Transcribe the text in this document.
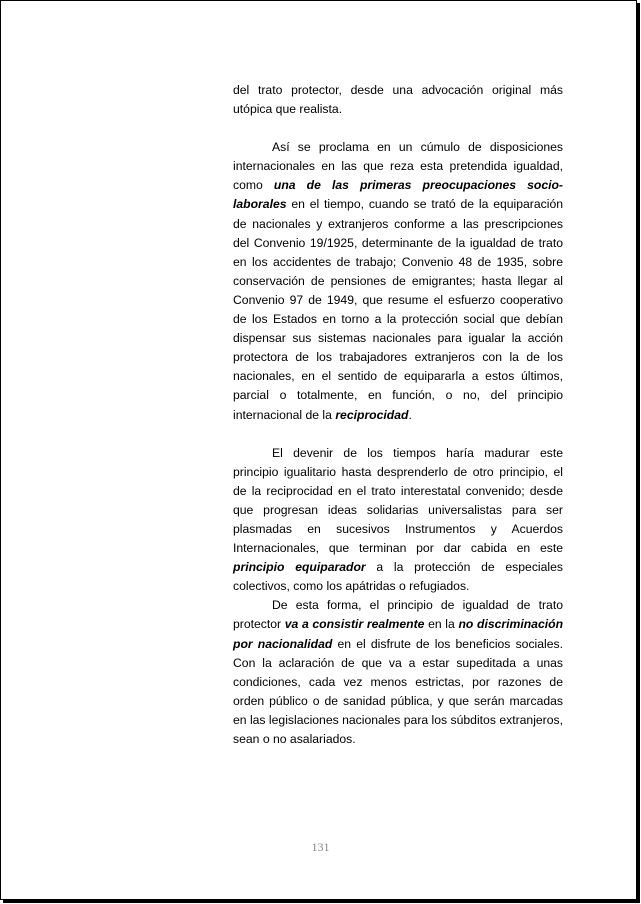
del trato protector, desde una advocación original más utópica que realista.

Así se proclama en un cúmulo de disposiciones internacionales en las que reza esta pretendida igualdad, como una de las primeras preocupaciones socio-laborales en el tiempo, cuando se trató de la equiparación de nacionales y extranjeros conforme a las prescripciones del Convenio 19/1925, determinante de la igualdad de trato en los accidentes de trabajo; Convenio 48 de 1935, sobre conservación de pensiones de emigrantes; hasta llegar al Convenio 97 de 1949, que resume el esfuerzo cooperativo de los Estados en torno a la protección social que debían dispensar sus sistemas nacionales para igualar la acción protectora de los trabajadores extranjeros con la de los nacionales, en el sentido de equipararla a estos últimos, parcial o totalmente, en función, o no, del principio internacional de la reciprocidad.

El devenir de los tiempos haría madurar este principio igualitario hasta desprenderlo de otro principio, el de la reciprocidad en el trato interestatal convenido; desde que progresan ideas solidarias universalistas para ser plasmadas en sucesivos Instrumentos y Acuerdos Internacionales, que terminan por dar cabida en este principio equiparador a la protección de especiales colectivos, como los apátridas o refugiados.

De esta forma, el principio de igualdad de trato protector va a consistir realmente en la no discriminación por nacionalidad en el disfrute de los beneficios sociales. Con la aclaración de que va a estar supeditada a unas condiciones, cada vez menos estrictas, por razones de orden público o de sanidad pública, y que serán marcadas en las legislaciones nacionales para los súbditos extranjeros, sean o no asalariados.

131
